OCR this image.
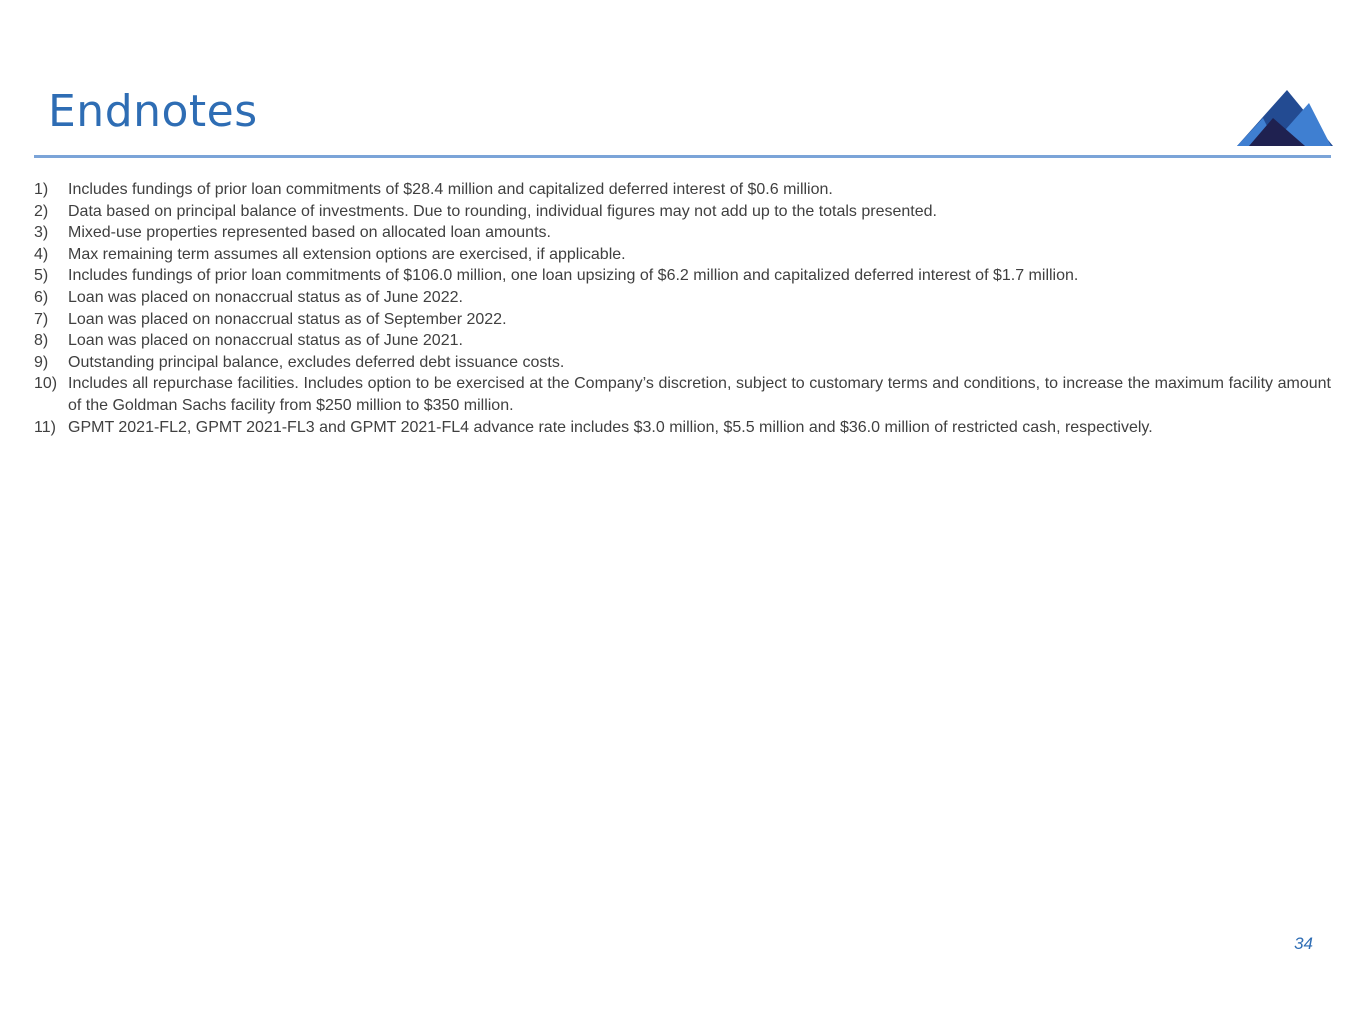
Endnotes
1)	Includes fundings of prior loan commitments of $28.4 million and capitalized deferred interest of $0.6 million.
2)	Data based on principal balance of investments. Due to rounding, individual figures may not add up to the totals presented.
3)	Mixed-use properties represented based on allocated loan amounts.
4)	Max remaining term assumes all extension options are exercised, if applicable.
5)	Includes fundings of prior loan commitments of $106.0 million, one loan upsizing of $6.2 million and capitalized deferred interest of $1.7 million.
6)	Loan was placed on nonaccrual status as of June 2022.
7)	Loan was placed on nonaccrual status as of September 2022.
8)	Loan was placed on nonaccrual status as of June 2021.
9)	Outstanding principal balance, excludes deferred debt issuance costs.
10) Includes all repurchase facilities. Includes option to be exercised at the Company’s discretion, subject to customary terms and conditions, to increase the maximum facility amount of the Goldman Sachs facility from $250 million to $350 million.
11) GPMT 2021-FL2, GPMT 2021-FL3 and GPMT 2021-FL4 advance rate includes $3.0 million, $5.5 million and $36.0 million of restricted cash, respectively.
34
